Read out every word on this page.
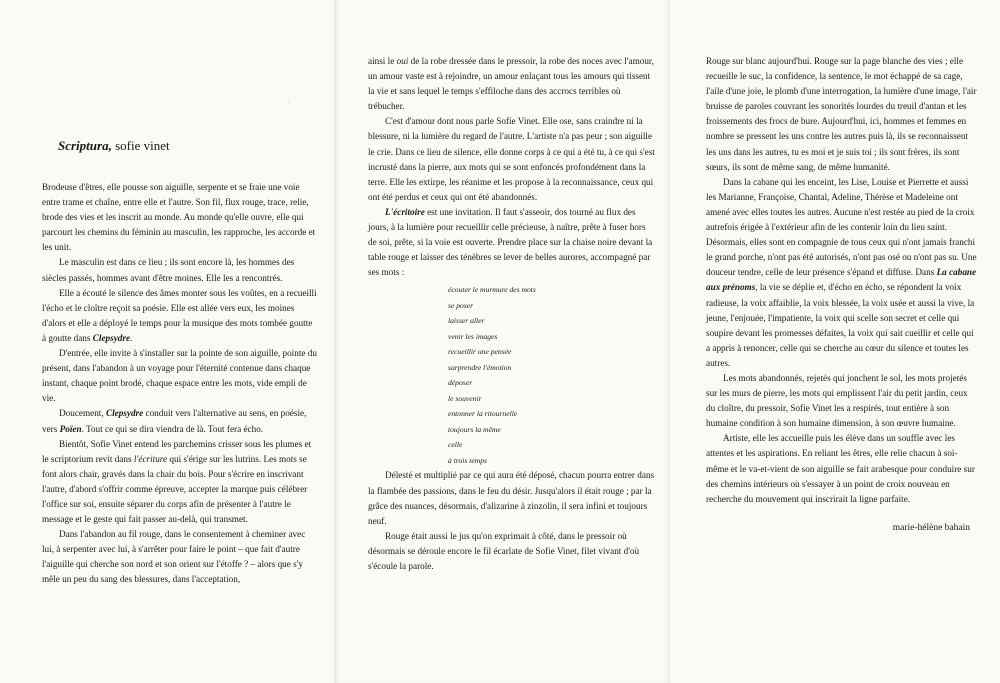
·
Scriptura, sofie vinet

Brodeuse d'êtres, elle pousse son aiguille, serpente et se fraie une voie entre trame et chaîne, entre elle et l'autre. Son fil, flux rouge, trace, relie, brode des vies et les inscrit au monde. Au monde qu'elle ouvre, elle qui parcourt les chemins du féminin au masculin, les rapproche, les accorde et les unit.

Le masculin est dans ce lieu ; ils sont encore là, les hommes des siècles passés, hommes avant d'être moines. Elle les a rencontrés.

Elle a écouté le silence des âmes monter sous les voûtes, en a recueilli l'écho et le cloître reçoit sa poésie. Elle est allée vers eux, les moines d'alors et elle a déployé le temps pour la musique des mots tombée goutte à goutte dans Clepsydre.

D'entrée, elle invite à s'installer sur la pointe de son aiguille, pointe du présent, dans l'abandon à un voyage pour l'éternité contenue dans chaque instant, chaque point brodé, chaque espace entre les mots, vide empli de vie.

Doucement, Clepsydre conduit vers l'alternative au sens, en poésie, vers Poïen. Tout ce qui se dira viendra de là. Tout fera écho.

Bientôt, Sofie Vinet entend les parchemins crisser sous les plumes et le scriptorium revit dans l'écriture qui s'érige sur les lutrins. Les mots se font alors chair, gravés dans la chair du bois. Pour s'écrire en inscrivant l'autre, d'abord s'offrir comme épreuve, accepter la marque puis célébrer l'office sur soi, ensuite séparer du corps afin de présenter à l'autre le message et le geste qui fait passer au-delà, qui transmet.

Dans l'abandon au fil rouge, dans le consentement à cheminer avec lui, à serpenter avec lui, à s'arrêter pour faire le point – que fait d'autre l'aiguille qui cherche son nord et son orient sur l'étoffe ? – alors que s'y mêle un peu du sang des blessures, dans l'acceptation,

ainsi le oui de la robe dressée dans le pressoir, la robe des noces avec l'amour, un amour vaste est à rejoindre, un amour enlaçant tous les amours qui tissent la vie et sans lequel le temps s'effiloche dans des accrocs terribles où trébucher.

C'est d'amour dont nous parle Sofie Vinet. Elle ose, sans craindre ni la blessure, ni la lumière du regard de l'autre. L'artiste n'a pas peur ; son aiguille le crie. Dans ce lieu de silence, elle donne corps à ce qui a été tu, à ce qui s'est incrusté dans la pierre, aux mots qui se sont enfoncés profondément dans la terre. Elle les extirpe, les réanime et les propose à la reconnaissance, ceux qui ont été perdus et ceux qui ont été abandonnés.

L'écritoire est une invitation. Il faut s'asseoir, dos tourné au flux des jours, à la lumière pour recueillir celle précieuse, à naître, prête à fuser hors de soi, prête, si la voie est ouverte. Prendre place sur la chaise noire devant la table rouge et laisser des ténèbres se lever de belles aurores, accompagné par ses mots :

écouter le murmure des mots
se poser
laisser aller
venir les images
recueillir une pensée
surprendre l'émotion
déposer
le souvenir
entonner la ritournelle
toujours la même
celle
à trois temps

Délesté et multiplié par ce qui aura été déposé, chacun pourra entrer dans la flambée des passions, dans le feu du désir. Jusqu'alors il était rouge ; par la grâce des nuances, désormais, d'alizarine à zinzolin, il sera infini et toujours neuf.

Rouge était aussi le jus qu'on exprimait à côté, dans le pressoir où désormais se déroule encore le fil écarlate de Sofie Vinet, filet vivant d'où s'écoule la parole.

Rouge sur blanc aujourd'hui. Rouge sur la page blanche des vies ; elle recueille le suc, la confidence, la sentence, le mot échappé de sa cage, l'aile d'une joie, le plomb d'une interrogation, la lumière d'une image, l'air bruisse de paroles couvrant les sonorités lourdes du treuil d'antan et les froissements des frocs de bure. Aujourd'hui, ici, hommes et femmes en nombre se pressent les uns contre les autres puis là, ils se reconnaissent les uns dans les autres, tu es moi et je suis toi ; ils sont frères, ils sont sœurs, ils sont de même sang, de même humanité.

Dans la cabane qui les enceint, les Lise, Louise et Pierrette et aussi les Marianne, Françoise, Chantal, Adeline, Thérèse et Madeleine ont amené avec elles toutes les autres. Aucune n'est restée au pied de la croix autrefois érigée à l'extérieur afin de les contenir loin du lieu saint. Désormais, elles sont en compagnie de tous ceux qui n'ont jamais franchi le grand porche, n'ont pas été autorisés, n'ont pas osé ou n'ont pas su. Une douceur tendre, celle de leur présence s'épand et diffuse. Dans La cabane aux prénoms, la vie se déplie et, d'écho en écho, se répondent la voix radieuse, la voix affaiblie, la voix blessée, la voix usée et aussi la vive, la jeune, l'enjouée, l'impatiente, la voix qui scelle son secret et celle qui soupire devant les promesses défaites, la voix qui sait cueillir et celle qui a appris à renoncer, celle qui se cherche au cœur du silence et toutes les autres.

Les mots abandonnés, rejetés qui jonchent le sol, les mots projetés sur les murs de pierre, les mots qui emplissent l'air du petit jardin, ceux du cloître, du pressoir, Sofie Vinet les a respirés, tout entière à son humaine condition à son humaine dimension, à son œuvre humaine.

Artiste, elle les accueille puis les élève dans un souffle avec les attentes et les aspirations. En reliant les êtres, elle relie chacun à soi-même et le va-et-vient de son aiguille se fait arabesque pour conduire sur des chemins intérieurs où s'essayer à un point de croix nouveau en recherche du mouvement qui inscrirait la ligne parfaite.

marie-hélène bahain
